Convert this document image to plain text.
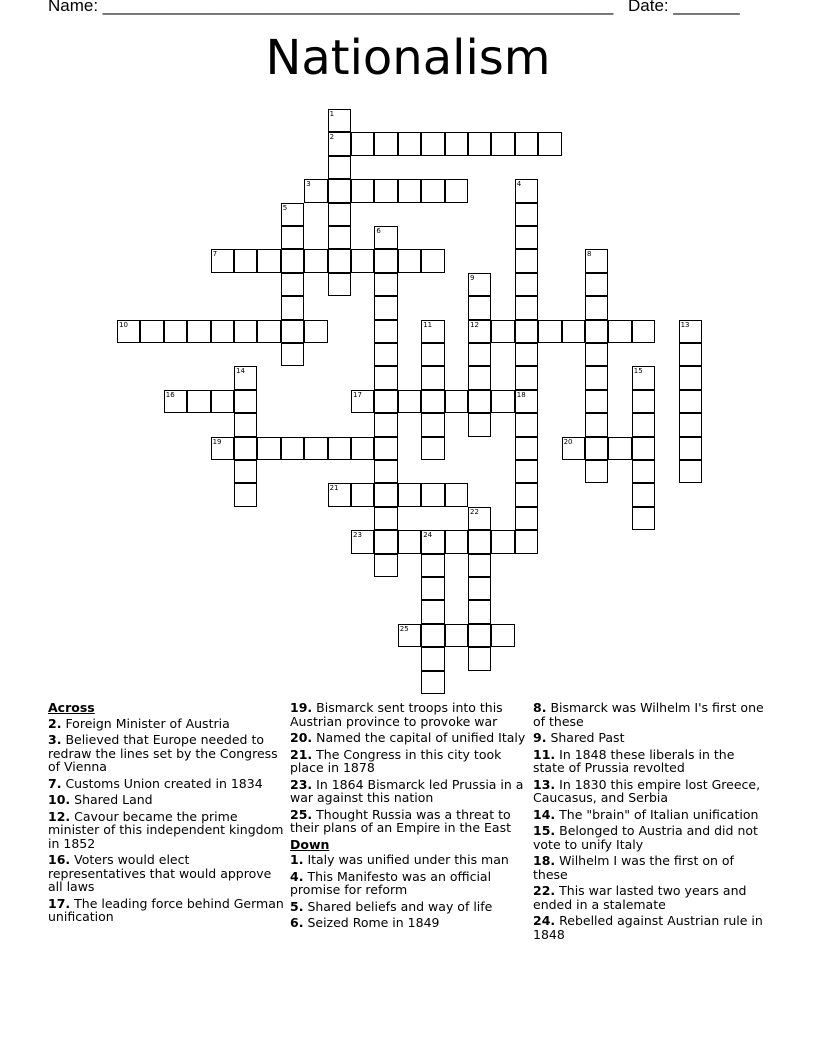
Name: ______________________________________________________ Date: _______
Nationalism
2
3
7
10	12
16	17	18
19	20
21
23	24
25
1
4
5
6
8
9
11	13
14	15
22
Across
2. Foreign Minister of Austria
3. Believed that Europe needed to redraw the lines set by the Congress of Vienna
7. Customs Union created in 1834
10. Shared Land
12. Cavour became the prime minister of this independent kingdom in 1852
16. Voters would elect representatives that would approve all laws
17. The leading force behind German unification
19. Bismarck sent troops into this Austrian province to provoke war
20. Named the capital of unified Italy
21. The Congress in this city took place in 1878
23. In 1864 Bismarck led Prussia in a war against this nation
25. Thought Russia was a threat to their plans of an Empire in the East
Down
1. Italy was unified under this man
4. This Manifesto was an official promise for reform
5. Shared beliefs and way of life
6. Seized Rome in 1849
8. Bismarck was Wilhelm I's first one of these
9. Shared Past
11. In 1848 these liberals in the state of Prussia revolted
13. In 1830 this empire lost Greece, Caucasus, and Serbia
14. The "brain" of Italian unification
15. Belonged to Austria and did not vote to unify Italy
18. Wilhelm I was the first on of these
22. This war lasted two years and ended in a stalemate
24. Rebelled against Austrian rule in 1848
